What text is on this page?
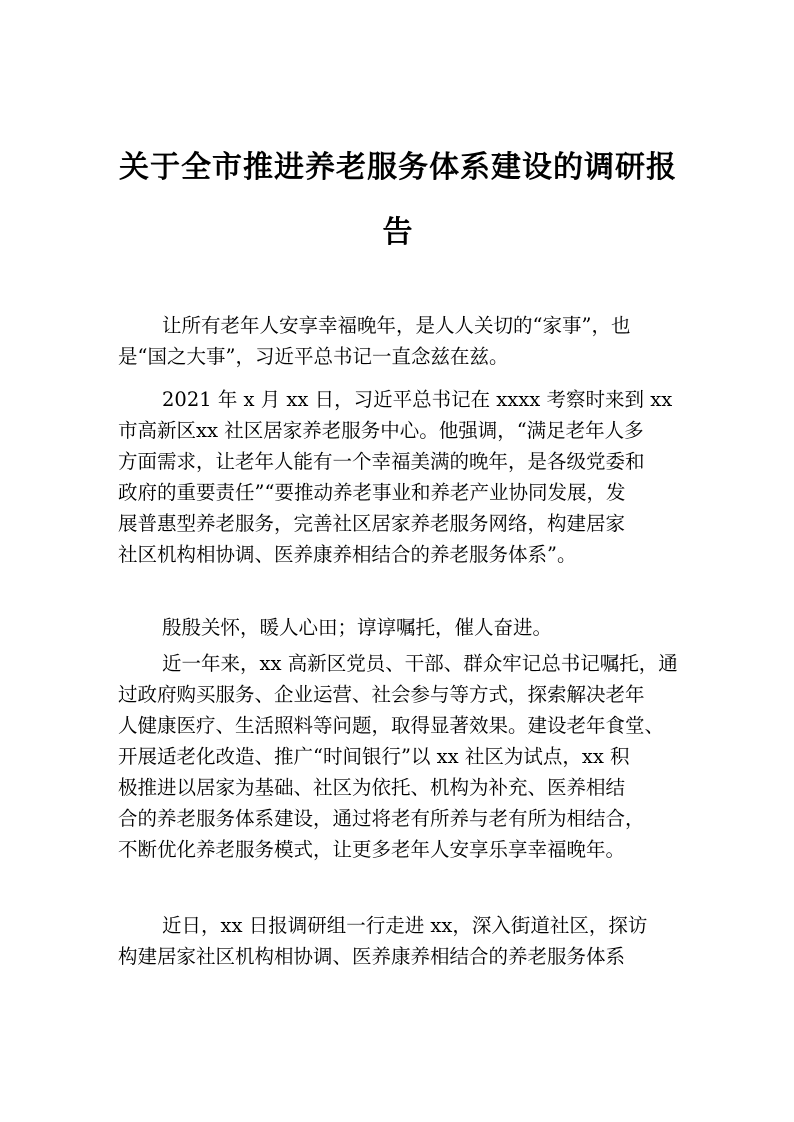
关于全市推进养老服务体系建设的调研报
告

让所有老年人安享幸福晚年，是人人关切的“家事”，也
是“国之大事”，习近平总书记一直念兹在兹。

2021 年 x 月 xx 日，习近平总书记在 xxxx 考察时来到 xx
市高新区xx 社区居家养老服务中心。他强调，“满足老年人多
方面需求，让老年人能有一个幸福美满的晚年，是各级党委和
政府的重要责任”“要推动养老事业和养老产业协同发展，发
展普惠型养老服务，完善社区居家养老服务网络，构建居家
社区机构相协调、医养康养相结合的养老服务体系”。

殷殷关怀，暖人心田；谆谆嘱托，催人奋进。

近一年来，xx 高新区党员、干部、群众牢记总书记嘱托，通
过政府购买服务、企业运营、社会参与等方式，探索解决老年
人健康医疗、生活照料等问题，取得显著效果。建设老年食堂、
开展适老化改造、推广“时间银行”以 xx 社区为试点，xx 积
极推进以居家为基础、社区为依托、机构为补充、医养相结
合的养老服务体系建设，通过将老有所养与老有所为相结合，
不断优化养老服务模式，让更多老年人安享乐享幸福晚年。

近日，xx 日报调研组一行走进 xx，深入街道社区，探访
构建居家社区机构相协调、医养康养相结合的养老服务体系
